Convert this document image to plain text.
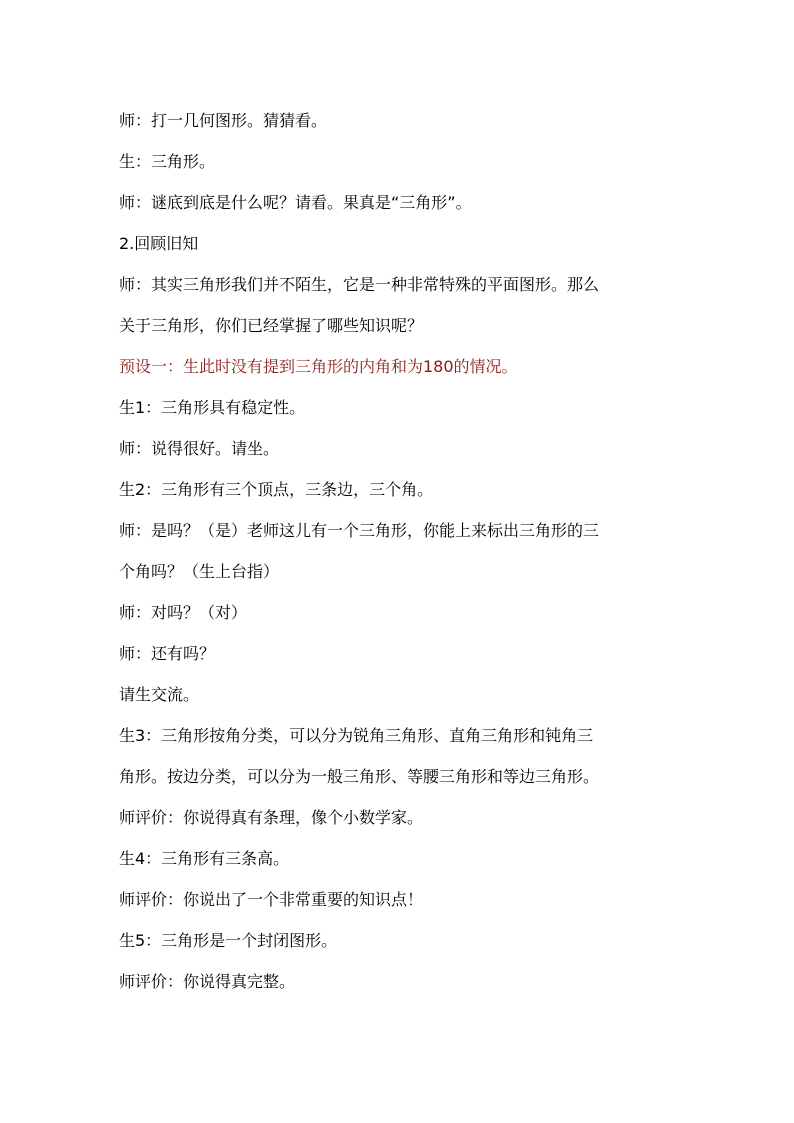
师：打一几何图形。猜猜看。
生：三角形。
师：谜底到底是什么呢？请看。果真是“三角形”。
2.回顾旧知
师：其实三角形我们并不陌生，它是一种非常特殊的平面图形。那么
关于三角形，你们已经掌握了哪些知识呢？
预设一：生此时没有提到三角形的内角和为180的情况。
生1：三角形具有稳定性。
师：说得很好。请坐。
生2：三角形有三个顶点，三条边，三个角。
师：是吗？（是）老师这儿有一个三角形，你能上来标出三角形的三
个角吗？（生上台指）
师：对吗？（对）
师：还有吗？
请生交流。
生3：三角形按角分类，可以分为锐角三角形、直角三角形和钝角三
角形。按边分类，可以分为一般三角形、等腰三角形和等边三角形。
师评价：你说得真有条理，像个小数学家。
生4：三角形有三条高。
师评价：你说出了一个非常重要的知识点！
生5：三角形是一个封闭图形。
师评价：你说得真完整。
